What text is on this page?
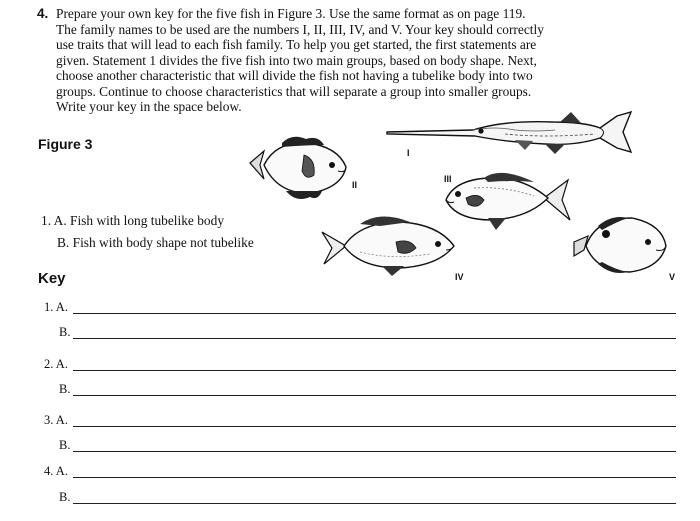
4. Prepare your own key for the five fish in Figure 3. Use the same format as on page 119.
The family names to be used are the numbers I, II, III, IV, and V. Your key should correctly
use traits that will lead to each fish family. To help you get started, the first statements are
given. Statement 1 divides the five fish into two main groups, based on body shape. Next,
choose another characteristic that will divide the fish not having a tubelike body into two
groups. Continue to choose characteristics that will separate a group into smaller groups.
Write your key in the space below.
Figure 3
I
II
III
IV	V
1. A. Fish with long tubelike body
B. Fish with body shape not tubelike
Key
1. A.
B.
2. A.
B.
3. A.
B.
4. A.
B.
